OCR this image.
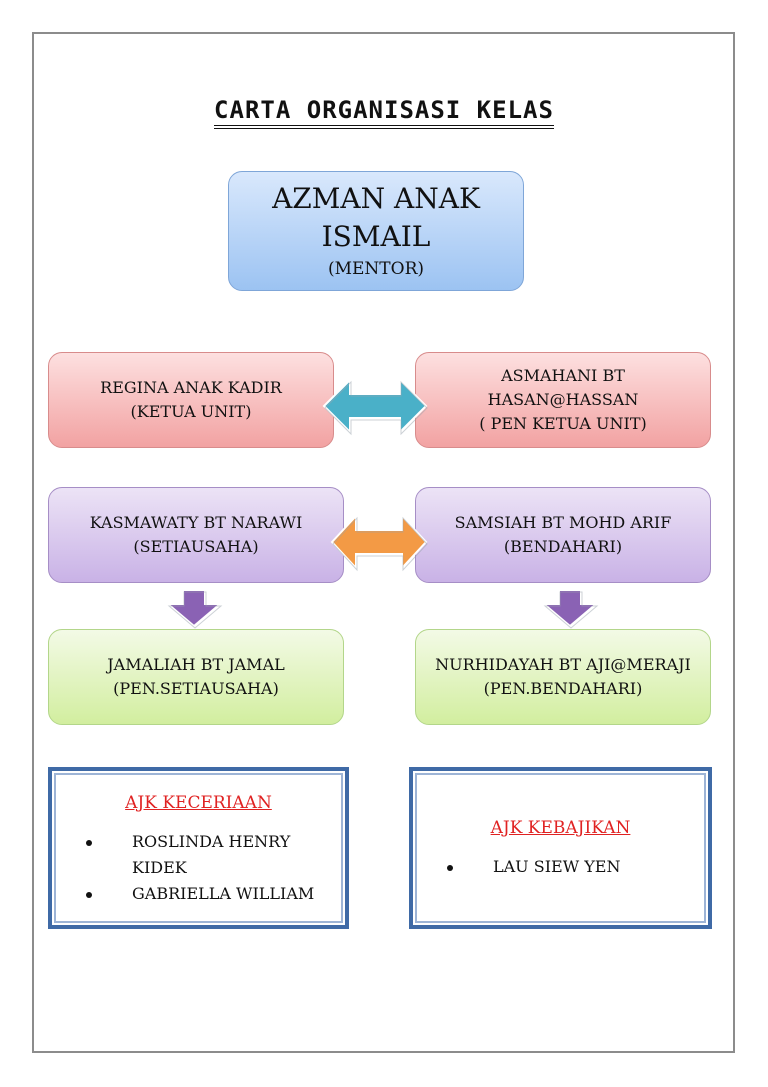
CARTA ORGANISASI KELAS
AZMAN ANAK
ISMAIL
(MENTOR)
REGINA ANAK KADIR
(KETUA UNIT)
ASMAHANI BT
HASAN@HASSAN
( PEN KETUA UNIT)
KASMAWATY BT NARAWI
(SETIAUSAHA)
SAMSIAH BT MOHD ARIF
(BENDAHARI)
JAMALIAH BT JAMAL
(PEN.SETIAUSAHA)
NURHIDAYAH BT AJI@MERAJI
(PEN.BENDAHARI)
AJK KECERIAAN
ROSLINDA HENRY KIDEK
GABRIELLA WILLIAM
AJK KEBAJIKAN
LAU SIEW YEN
